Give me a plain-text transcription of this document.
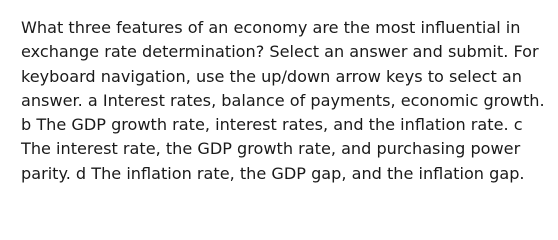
What three features of an economy are the most influential in
exchange rate determination? Select an answer and submit. For
keyboard navigation, use the up/down arrow keys to select an
answer. a Interest rates, balance of payments, economic growth.
b The GDP growth rate, interest rates, and the inflation rate. c
The interest rate, the GDP growth rate, and purchasing power
parity. d The inflation rate, the GDP gap, and the inflation gap.
